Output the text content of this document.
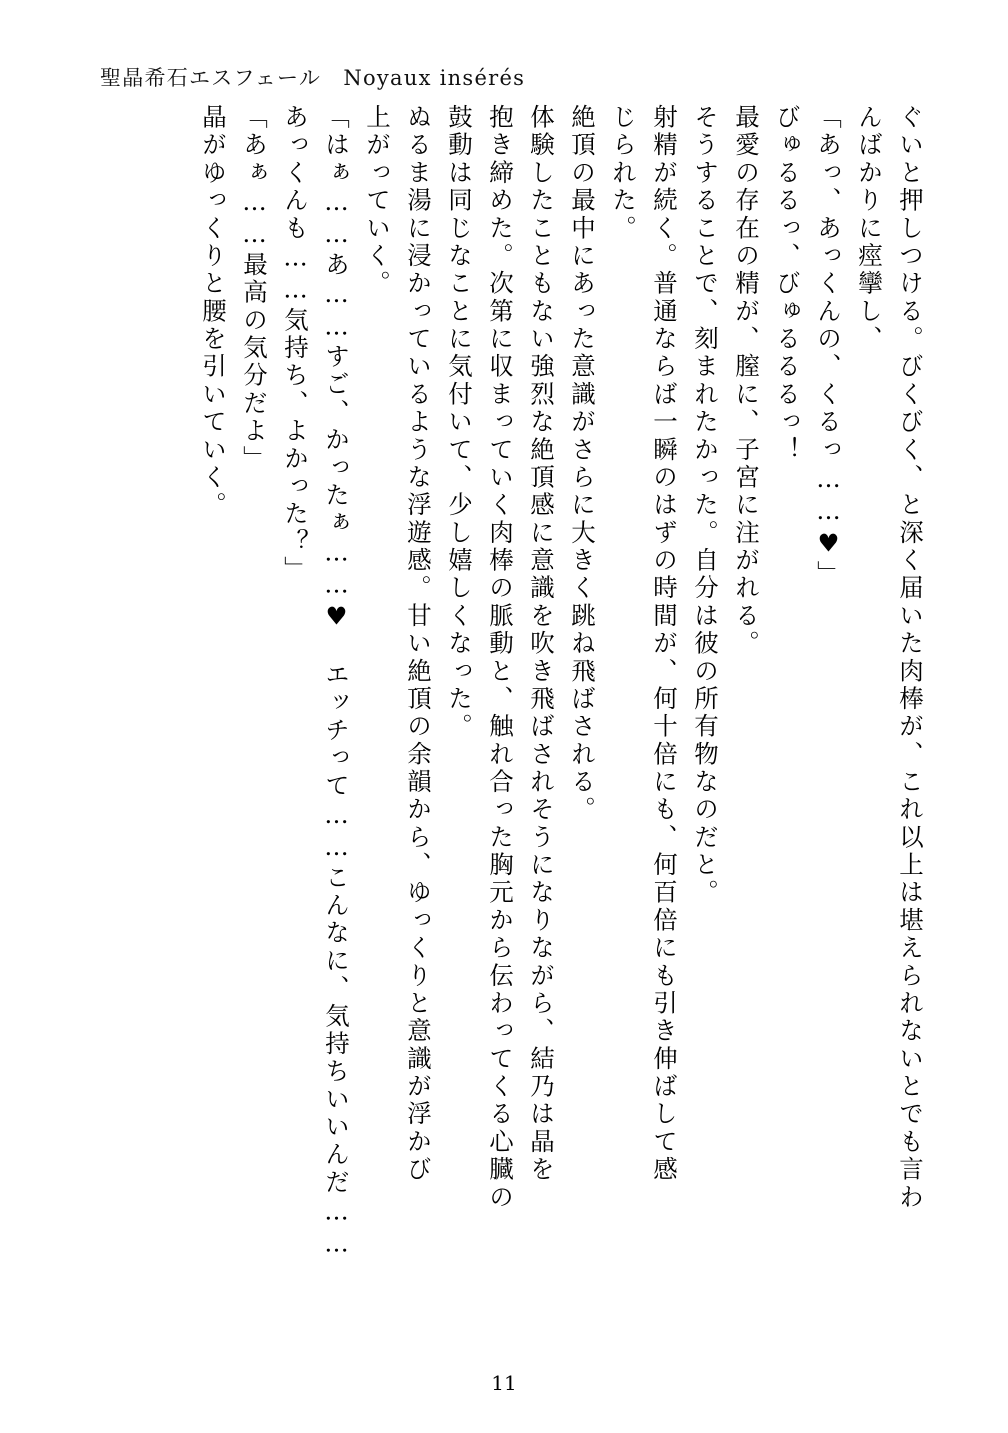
聖晶希石エスフェール　Noyaux insérés
ぐいと押しつける。びくびく、と深く届いた肉棒が、これ以上は堪えられないとでも言わ
んばかりに痙攣し、
「あっ、あっくんの、くるっ……♥」
びゅるるっ、びゅるるるっ！
最愛の存在の精が、膣に、子宮に注がれる。
そうすることで、刻まれたかった。自分は彼の所有物なのだと。
射精が続く。普通ならば一瞬のはずの時間が、何十倍にも、何百倍にも引き伸ばして感
じられた。
絶頂の最中にあった意識がさらに大きく跳ね飛ばされる。
体験したこともない強烈な絶頂感に意識を吹き飛ばされそうになりながら、結乃は晶を
抱き締めた。次第に収まっていく肉棒の脈動と、触れ合った胸元から伝わってくる心臓の
鼓動は同じなことに気付いて、少し嬉しくなった。
ぬるま湯に浸かっているような浮遊感。甘い絶頂の余韻から、ゆっくりと意識が浮かび
上がっていく。
「はぁ……あ……すご、かったぁ……♥　エッチって……こんなに、気持ちいいんだ……
あっくんも……気持ち、よかった？」
「あぁ……最高の気分だよ」
晶がゆっくりと腰を引いていく。
11
